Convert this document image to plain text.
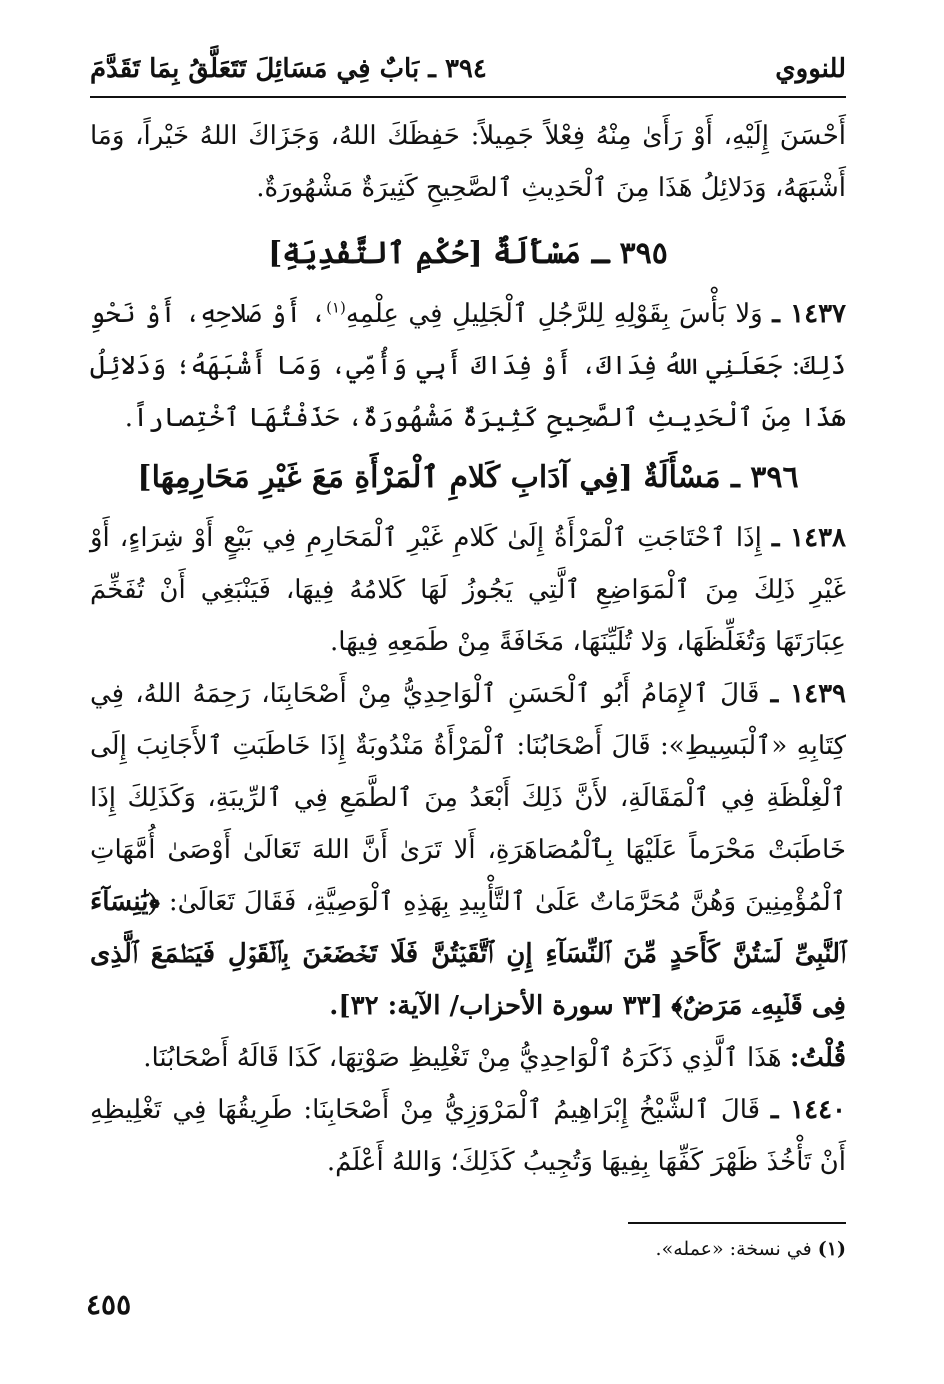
للنووي
٣٩٤ ـ بَابٌ فِي مَسَائِلَ تَتَعَلَّقُ بِمَا تَقَدَّمَ

أَحْسَنَ إِلَيْهِ، أَوْ رَأَىٰ مِنْهُ فِعْلاً جَمِيلاً: حَفِظَكَ اللهُ، وَجَزَاكَ اللهُ خَيْراً، وَمَا أَشْبَهَهُ، وَدَلائِلُ هَذَا مِنَ ٱلْحَدِيثِ ٱلصَّحِيحِ كَثِيرَةٌ مَشْهُورَةٌ.

٣٩٥ ـ مَسْأَلَةٌ [حُكْمِ ٱلتَّفْدِيَةِ]

١٤٣٧ ـ وَلا بَأْسَ بِقَوْلِهِ لِلرَّجُلِ ٱلْجَلِيلِ فِي عِلْمِهِ$^{(١)}$، أَوْ صَلاحِهِ، أَوْ نَحْوِ ذَلِكَ: جَعَلَنِي اللهُ فِدَاكَ، أَوْ فِدَاكَ أَبِي وَأُمِّي، وَمَا أَشْبَهَهُ؛ وَدَلائِلُ هَذَا مِنَ ٱلْحَدِيثِ ٱلصَّحِيحِ كَثِيرَةٌ مَشْهُورَةٌ، حَذَفْتُهَا ٱخْتِصاراً.

٣٩٦ ـ مَسْأَلَةٌ [فِي آدَابِ كَلامِ ٱلْمَرْأَةِ مَعَ غَيْرِ مَحَارِمِهَا]

١٤٣٨ ـ إِذَا ٱحْتَاجَتِ ٱلْمَرْأَةُ إِلَىٰ كَلامِ غَيْرِ ٱلْمَحَارِمِ فِي بَيْعٍ أَوْ شِرَاءٍ، أَوْ غَيْرِ ذَلِكَ مِنَ ٱلْمَوَاضِعِ ٱلَّتِي يَجُوزُ لَهَا كَلامُهُ فِيهَا، فَيَنْبَغِي أَنْ تُفَخِّمَ عِبَارَتَهَا وَتُغَلِّظَهَا، وَلا تُلَيِّنَهَا، مَخَافَةً مِنْ طَمَعِهِ فِيهَا.

١٤٣٩ ـ قَالَ ٱلإِمَامُ أَبُو ٱلْحَسَنِ ٱلْوَاحِدِيُّ مِنْ أَصْحَابِنَا، رَحِمَهُ اللهُ، فِي كِتَابِهِ «ٱلْبَسِيطِ»: قَالَ أَصْحَابُنَا: ٱلْمَرْأَةُ مَنْدُوبَةٌ إِذَا خَاطَبَتِ ٱلأَجَانِبَ إِلَى ٱلْغِلْظَةِ فِي ٱلْمَقَالَةِ، لأَنَّ ذَلِكَ أَبْعَدُ مِنَ ٱلطَّمَعِ فِي ٱلرِّيبَةِ، وَكَذَلِكَ إِذَا خَاطَبَتْ مَحْرَماً عَلَيْهَا بِٱلْمُصَاهَرَةِ، أَلا تَرَىٰ أَنَّ اللهَ تَعَالَىٰ أَوْصَىٰ أُمَّهَاتِ ٱلْمُؤْمِنِينَ وَهُنَّ مُحَرَّمَاتٌ عَلَىٰ ٱلتَّأْبِيدِ بِهَذِهِ ٱلْوَصِيَّةِ، فَقَالَ تَعَالَىٰ: ﴿يَٰنِسَآءَ ٱلنَّبِىِّ لَسۡتُنَّ كَأَحَدٍ مِّنَ ٱلنِّسَآءِ إِنِ ٱتَّقَيۡتُنَّ فَلَا تَخۡضَعۡنَ بِٱلۡقَوۡلِ فَيَطۡمَعَ ٱلَّذِى فِى قَلۡبِهِۦ مَرَضٌ﴾ [٣٣ سورة الأحزاب/ الآية: ٣٢].

قُلْتُ: هَذَا ٱلَّذِي ذَكَرَهُ ٱلْوَاحِدِيُّ مِنْ تَغْلِيظِ صَوْتِهَا، كَذَا قَالَهُ أَصْحَابُنَا.

١٤٤٠ ـ قَالَ ٱلشَّيْخُ إِبْرَاهِيمُ ٱلْمَرْوَزِيُّ مِنْ أَصْحَابِنَا: طَرِيقُهَا فِي تَغْلِيظِهِ أَنْ تَأْخُذَ ظَهْرَ كَفِّهَا بِفِيهَا وَتُجِيبُ كَذَلِكَ؛ وَاللهُ أَعْلَمُ.

(١) في نسخة: «عمله».

٤٥٥
